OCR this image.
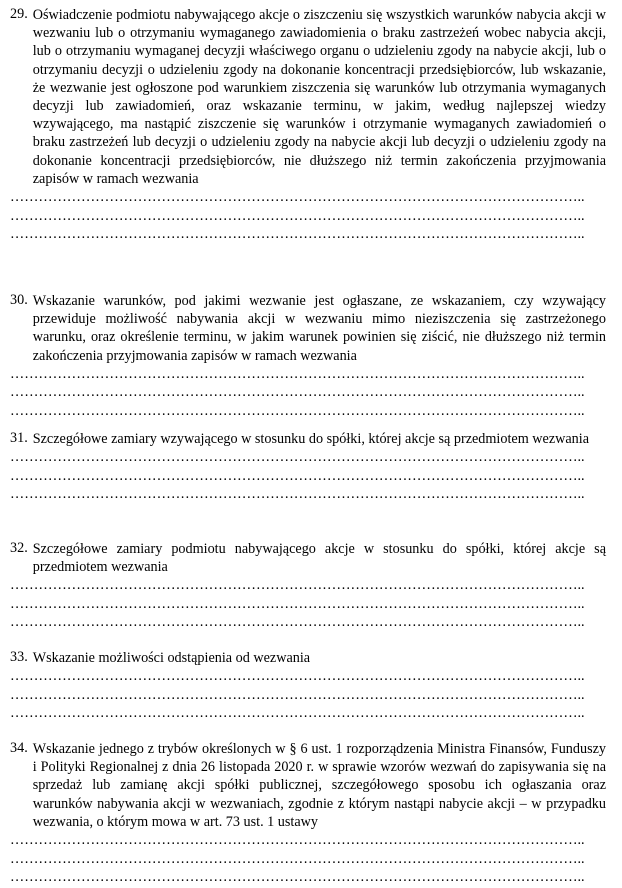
29. Oświadczenie podmiotu nabywającego akcje o ziszczeniu się wszystkich warunków nabycia akcji w wezwaniu lub o otrzymaniu wymaganego zawiadomienia o braku zastrzeżeń wobec nabycia akcji, lub o otrzymaniu wymaganej decyzji właściwego organu o udzieleniu zgody na nabycie akcji, lub o otrzymaniu decyzji o udzieleniu zgody na dokonanie koncentracji przedsiębiorców, lub wskazanie, że wezwanie jest ogłoszone pod warunkiem ziszczenia się warunków lub otrzymania wymaganych decyzji lub zawiadomień, oraz wskazanie terminu, w jakim, według najlepszej wiedzy wzywającego, ma nastąpić ziszczenie się warunków i otrzymanie wymaganych zawiadomień o braku zastrzeżeń lub decyzji o udzieleniu zgody na nabycie akcji lub decyzji o udzieleniu zgody na dokonanie koncentracji przedsiębiorców, nie dłuższego niż termin zakończenia przyjmowania zapisów w ramach wezwania
…………………………………………………………………………………………………………..
…………………………………………………………………………………………………………..
…………………………………………………………………………………………………………..
30. Wskazanie warunków, pod jakimi wezwanie jest ogłaszane, ze wskazaniem, czy wzywający przewiduje możliwość nabywania akcji w wezwaniu mimo nieziszczenia się zastrzeżonego warunku, oraz określenie terminu, w jakim warunek powinien się ziścić, nie dłuższego niż termin zakończenia przyjmowania zapisów w ramach wezwania
…………………………………………………………………………………………………………..
…………………………………………………………………………………………………………..
…………………………………………………………………………………………………………..
31. Szczegółowe zamiary wzywającego w stosunku do spółki, której akcje są przedmiotem wezwania
…………………………………………………………………………………………………………..
…………………………………………………………………………………………………………..
…………………………………………………………………………………………………………..
32. Szczegółowe zamiary podmiotu nabywającego akcje w stosunku do spółki, której akcje są przedmiotem wezwania
…………………………………………………………………………………………………………..
…………………………………………………………………………………………………………..
…………………………………………………………………………………………………………..
33. Wskazanie możliwości odstąpienia od wezwania
…………………………………………………………………………………………………………..
…………………………………………………………………………………………………………..
…………………………………………………………………………………………………………..
34. Wskazanie jednego z trybów określonych w § 6 ust. 1 rozporządzenia Ministra Finansów, Funduszy i Polityki Regionalnej z dnia 26 listopada 2020 r. w sprawie wzorów wezwań do zapisywania się na sprzedaż lub zamianę akcji spółki publicznej, szczegółowego sposobu ich ogłaszania oraz warunków nabywania akcji w wezwaniach, zgodnie z którym nastąpi nabycie akcji – w przypadku wezwania, o którym mowa w art. 73 ust. 1 ustawy
…………………………………………………………………………………………………………..
…………………………………………………………………………………………………………..
…………………………………………………………………………………………………………..
